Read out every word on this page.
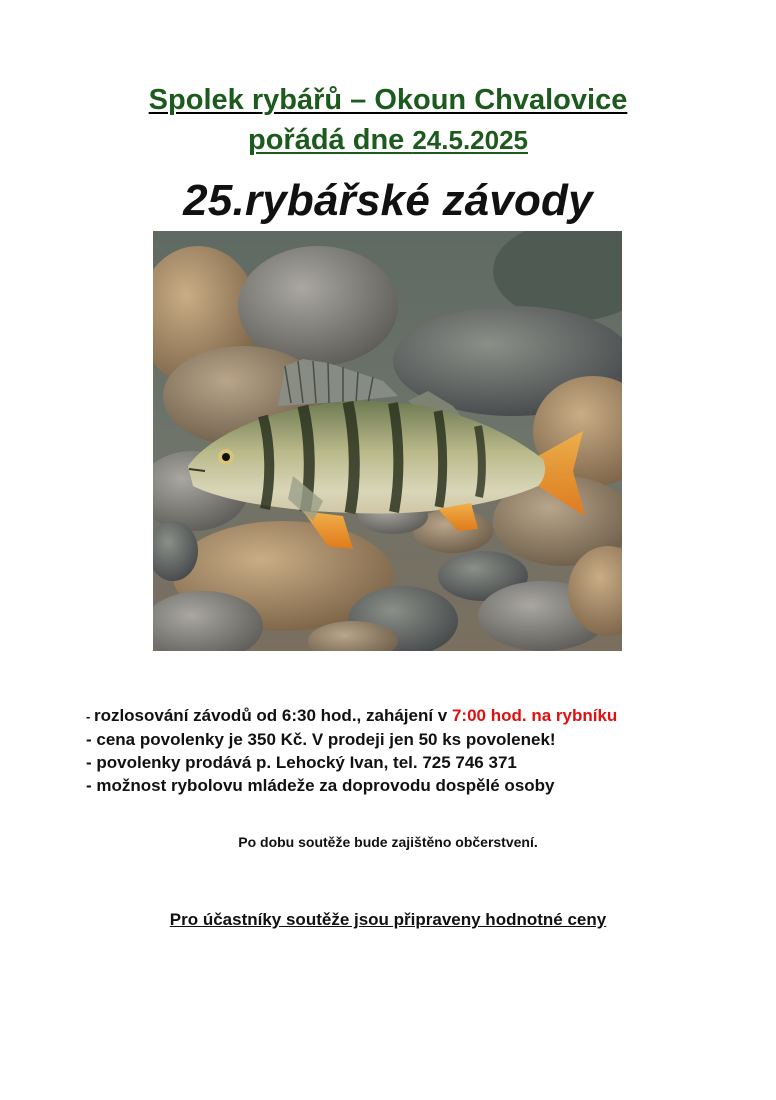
Spolek rybářů – Okoun Chvalovice
pořádá dne 24.5.2025
25.rybářské závody
- rozlosování závodů od 6:30 hod., zahájení v 7:00 hod. na rybníku
- cena povolenky je 350 Kč. V prodeji jen 50 ks povolenek!
- povolenky prodává p. Lehocký Ivan, tel. 725 746 371
- možnost rybolovu mládeže za doprovodu dospělé osoby
Po dobu soutěže bude zajištěno občerstvení.
Pro účastníky soutěže jsou připraveny hodnotné ceny
